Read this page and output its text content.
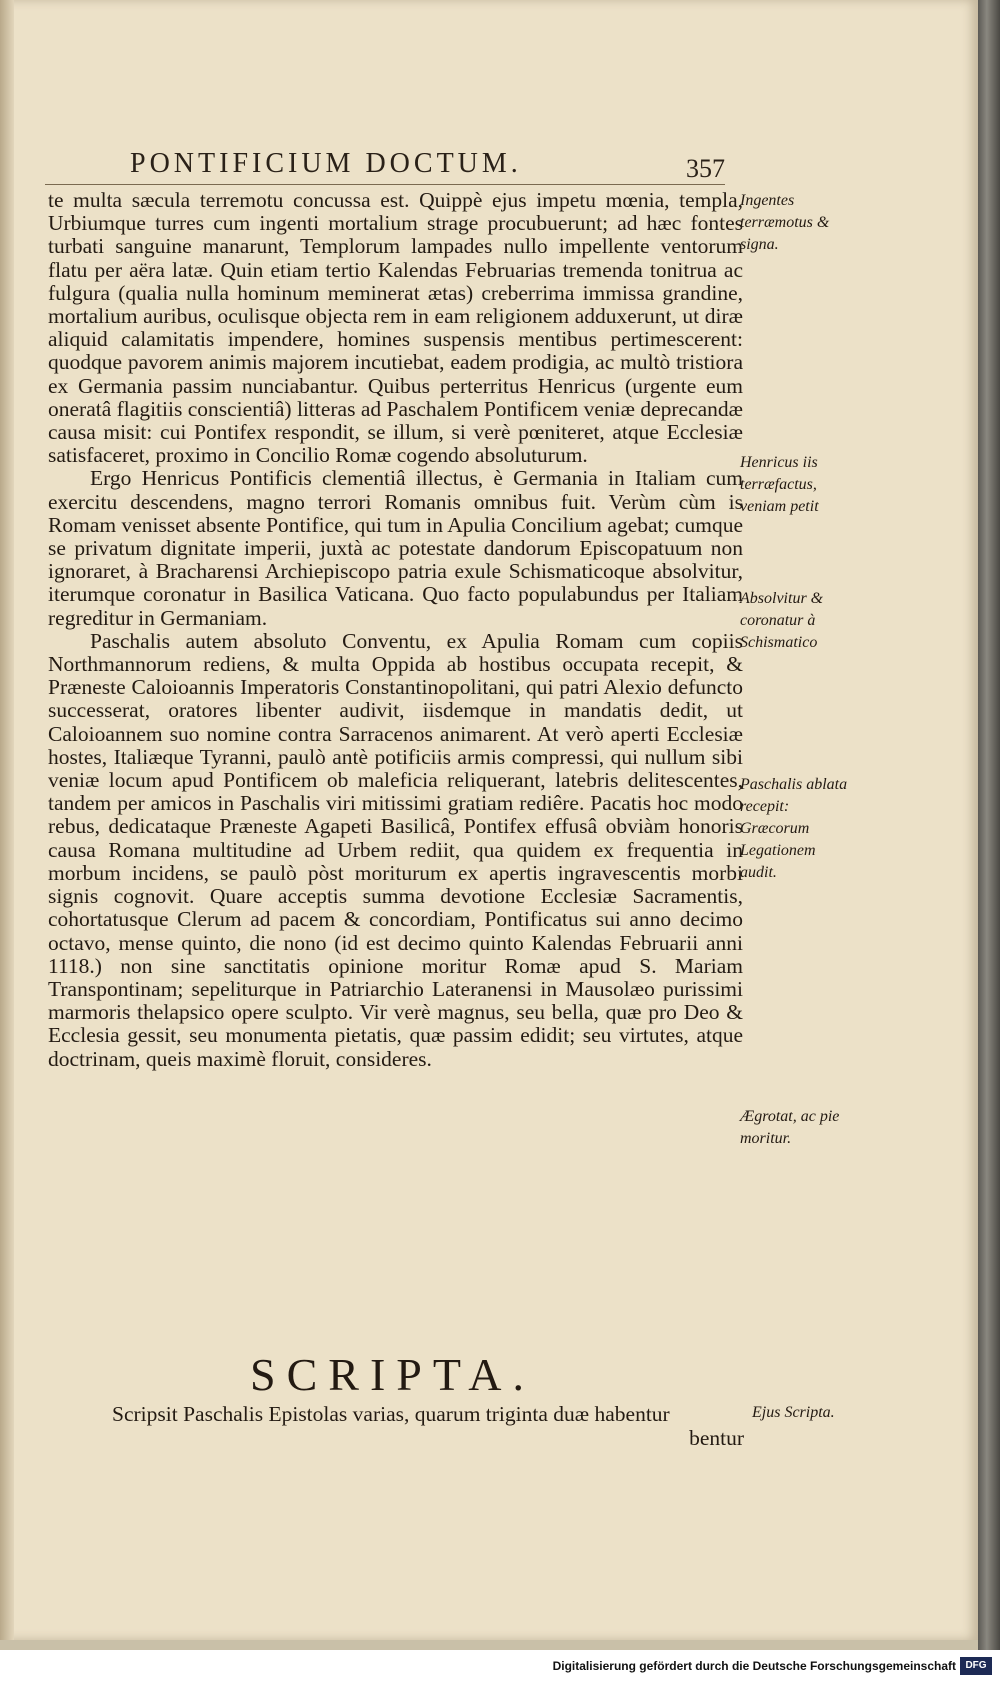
PONTIFICIUM DOCTUM.	357

te multa sæcula terremotu concussa est. Quippè ejus impetu mœnia, templa, Urbiumque turres cum ingenti mortalium strage procubuerunt; ad hæc fontes turbati sanguine manarunt, Templorum lampades nullo impellente ventorum flatu per aëra latæ. Quin etiam tertio Kalendas Februarias tremenda tonitrua ac fulgura (qualia nulla hominum meminerat ætas) creberrima immissa grandine, mortalium auribus, oculisque objecta rem in eam religionem adduxerunt, ut diræ aliquid calamitatis impendere, homines suspensis mentibus pertimescerent: quodque pavorem animis majorem incutiebat, eadem prodigia, ac multò tristiora ex Germania passim nunciabantur. Quibus perterritus Henricus (urgente eum oneratâ flagitiis conscientiâ) litteras ad Paschalem Pontificem veniæ deprecandæ causa misit: cui Pontifex respondit, se illum, si verè pœniteret, atque Ecclesiæ satisfaceret, proximo in Concilio Romæ cogendo absoluturum.

Ergo Henricus Pontificis clementiâ illectus, è Germania in Italiam cum exercitu descendens, magno terrori Romanis omnibus fuit. Verùm cùm is Romam venisset absente Pontifice, qui tum in Apulia Concilium agebat; cumque se privatum dignitate imperii, juxtà ac potestate dandorum Episcopatuum non ignoraret, à Bracharensi Archiepiscopo patria exule Schismaticoque absolvitur, iterumque coronatur in Basilica Vaticana. Quo facto populabundus per Italiam regreditur in Germaniam.

Paschalis autem absoluto Conventu, ex Apulia Romam cum copiis Northmannorum rediens, & multa Oppida ab hostibus occupata recepit, & Præneste Caloioannis Imperatoris Constantinopolitani, qui patri Alexio defuncto successerat, oratores libenter audivit, iisdemque in mandatis dedit, ut Caloioannem suo nomine contra Sarracenos animarent. At verò aperti Ecclesiæ hostes, Italiæque Tyranni, paulò antè potificiis armis compressi, qui nullum sibi veniæ locum apud Pontificem ob maleficia reliquerant, latebris delitescentes, tandem per amicos in Paschalis viri mitissimi gratiam rediêre. Pacatis hoc modo rebus, dedicataque Præneste Agapeti Basilicâ, Pontifex effusâ obviàm honoris causa Romana multitudine ad Urbem rediit, qua quidem ex frequentia in morbum incidens, se paulò pòst moriturum ex apertis ingravescentis morbi signis cognovit. Quare acceptis summa devotione Ecclesiæ Sacramentis, cohortatusque Clerum ad pacem & concordiam, Pontificatus sui anno decimo octavo, mense quinto, die nono (id est decimo quinto Kalendas Februarii anni 1118.) non sine sanctitatis opinione moritur Romæ apud S. Mariam Transpontinam; sepeliturque in Patriarchio Lateranensi in Mausolæo purissimi marmoris thelapsico opere sculpto. Vir verè magnus, seu bella, quæ pro Deo & Ecclesia gessit, seu monumenta pietatis, quæ passim edidit; seu virtutes, atque doctrinam, queis maximè floruit, consideres.

Ingentes terræmotus & signa.
Henricus iis terræfactus, veniam petit
Absolvitur & coronatur à Schismatico
Paschalis ablata recepit: Græcorum Legationem audit.
Ægrotat, ac pie moritur.
Ejus Scripta.
SCRIPTA.
Scripsit Paschalis Epistolas varias, quarum triginta duæ habentur
bentur
Digitalisierung gefördert durch die Deutsche Forschungsgemeinschaft DFG
